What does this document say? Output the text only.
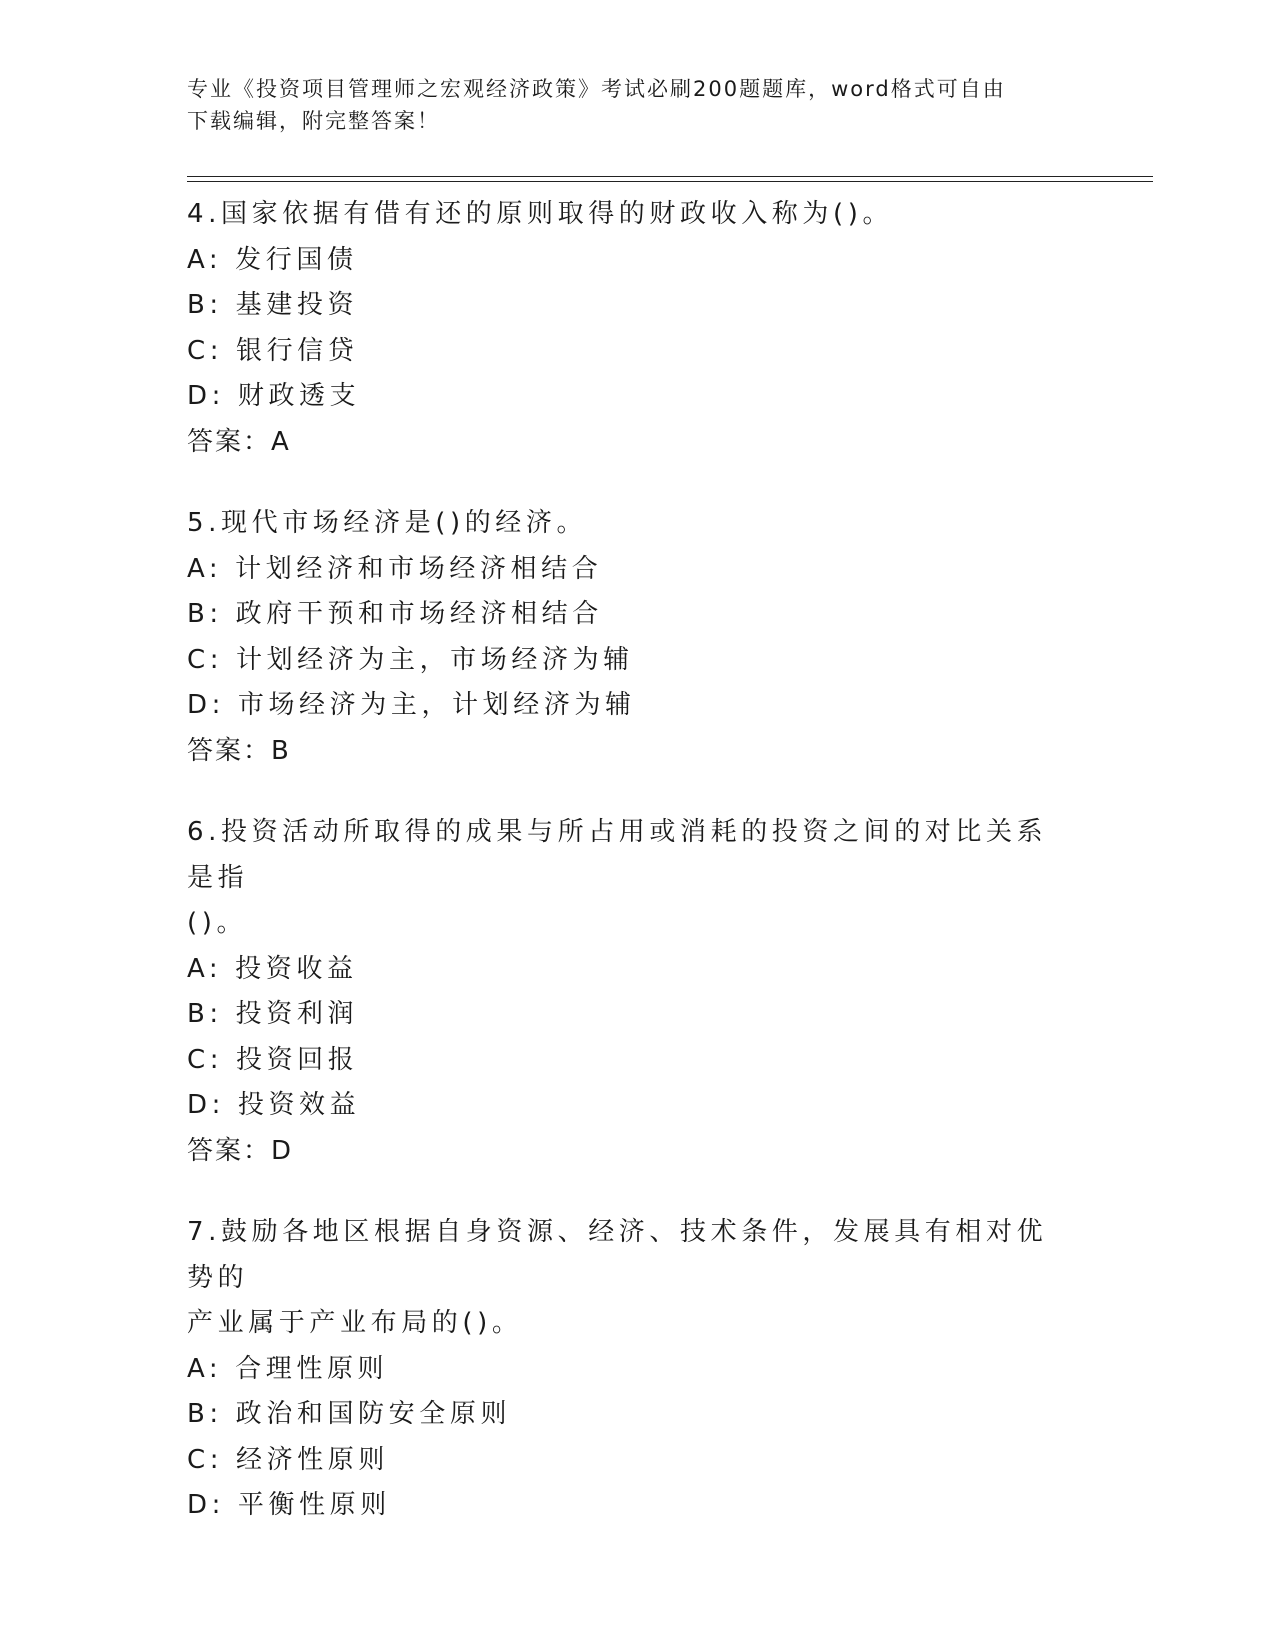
专业《投资项目管理师之宏观经济政策》考试必刷200题题库，word格式可自由
下载编辑，附完整答案！
4.国家依据有借有还的原则取得的财政收入称为()。
A: 发行国债
B: 基建投资
C: 银行信贷
D: 财政透支
答案：A
5.现代市场经济是()的经济。
A: 计划经济和市场经济相结合
B: 政府干预和市场经济相结合
C: 计划经济为主，市场经济为辅
D: 市场经济为主，计划经济为辅
答案：B
6.投资活动所取得的成果与所占用或消耗的投资之间的对比关系是指
()。
A: 投资收益
B: 投资利润
C: 投资回报
D: 投资效益
答案：D
7.鼓励各地区根据自身资源、经济、技术条件，发展具有相对优势的
产业属于产业布局的()。
A: 合理性原则
B: 政治和国防安全原则
C: 经济性原则
D: 平衡性原则
